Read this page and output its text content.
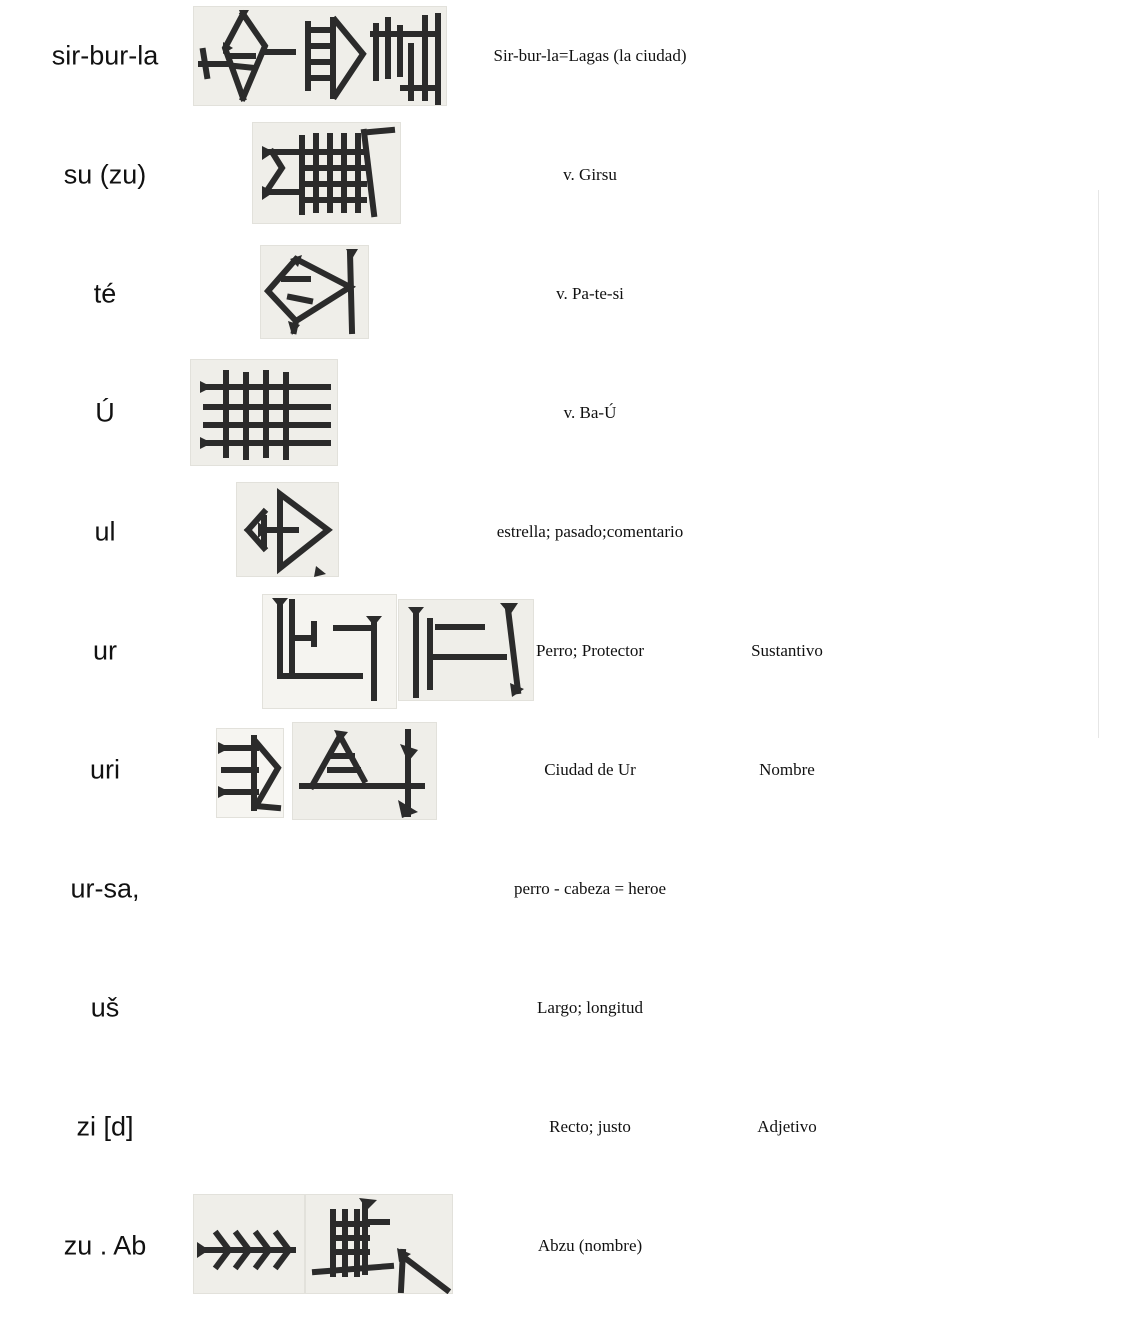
sir-bur-la	Sir-bur-la=Lagas (la ciudad)
su (zu)	v. Girsu
té	v. Pa-te-si
Ú	v. Ba-Ú
ul	estrella; pasado;comentario
ur	Perro; Protector	Sustantivo
uri	Ciudad de Ur	Nombre
ur-sa,	perro - cabeza = heroe
uš	Largo; longitud
zi [d]	Recto; justo	Adjetivo
zu . Ab	Abzu (nombre)
